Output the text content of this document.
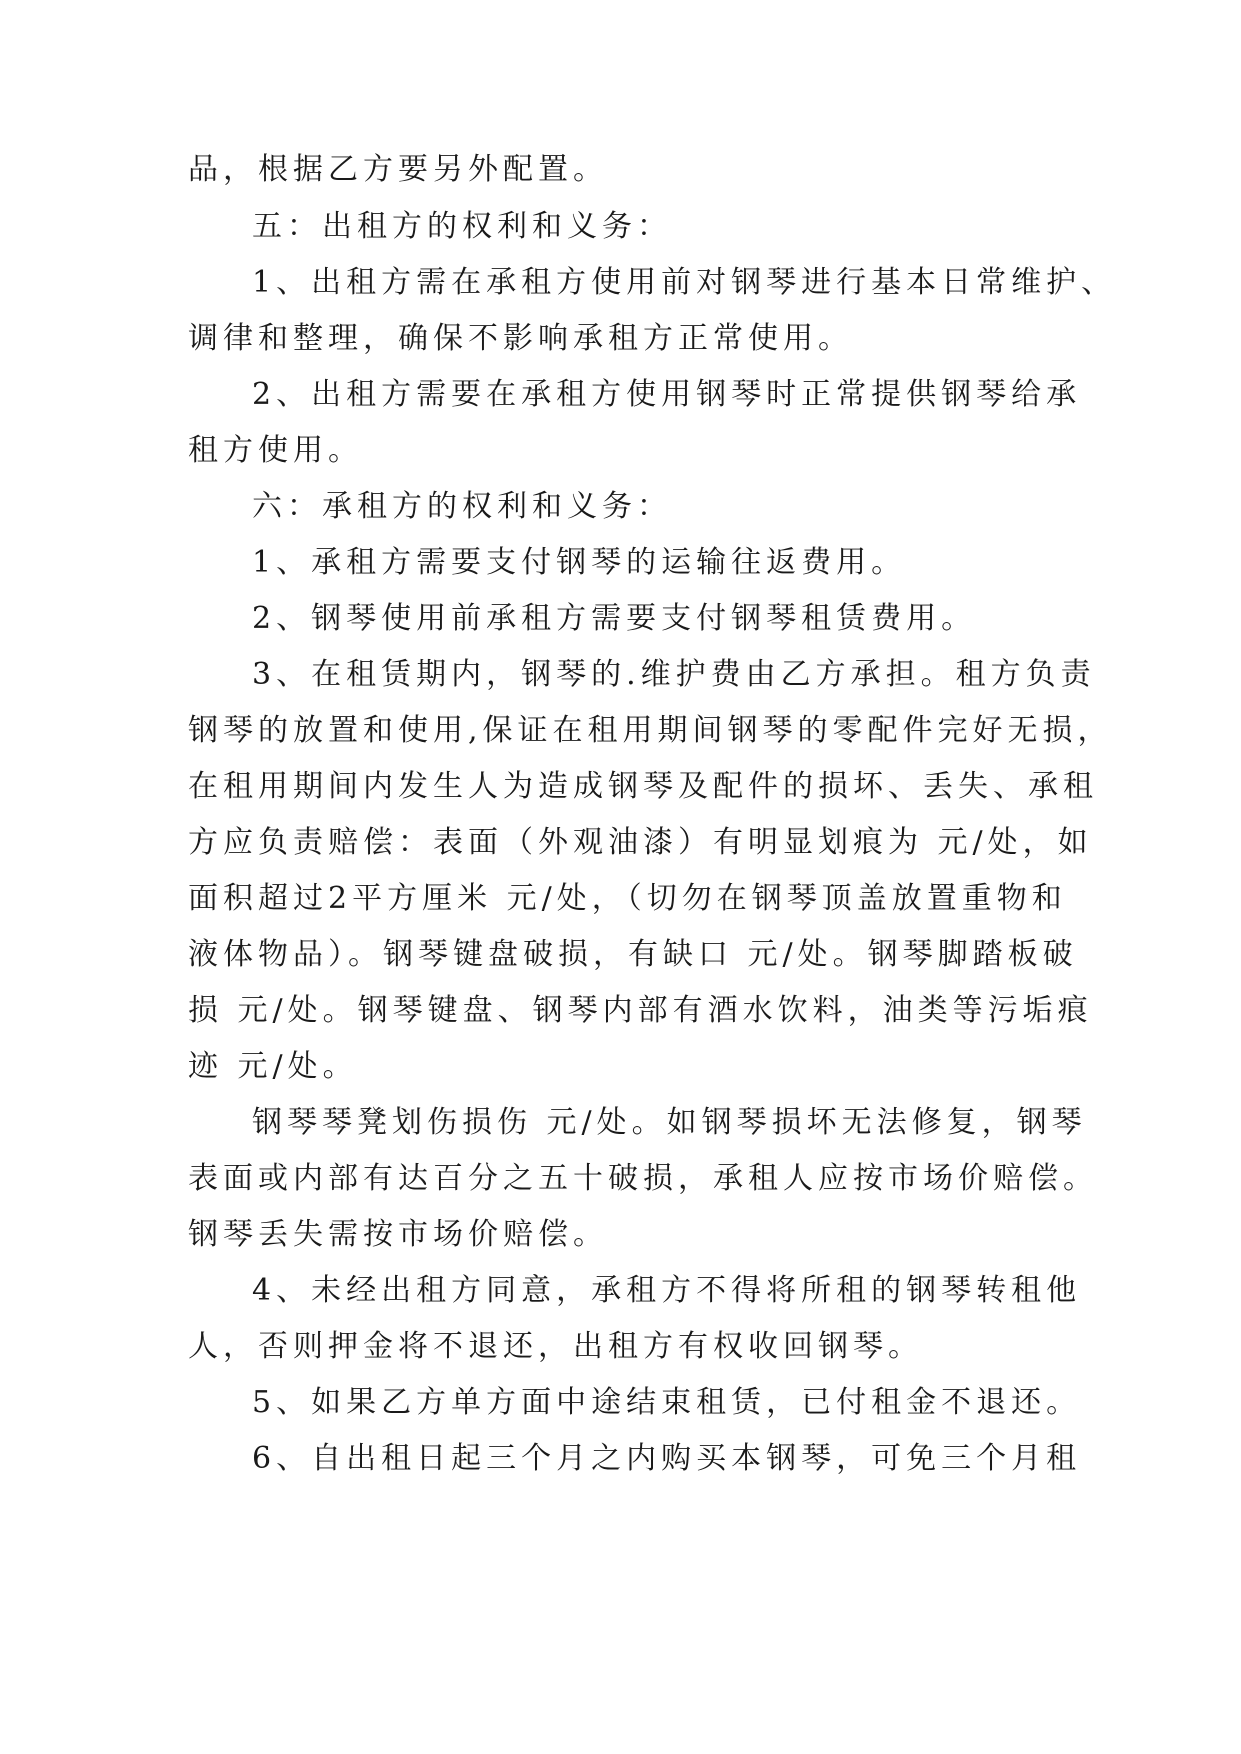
品，根据乙方要另外配置。

五：出租方的权利和义务：

1、出租方需在承租方使用前对钢琴进行基本日常维护、

调律和整理，确保不影响承租方正常使用。

2、出租方需要在承租方使用钢琴时正常提供钢琴给承

租方使用。

六：承租方的权利和义务：

1、承租方需要支付钢琴的运输往返费用。

2、钢琴使用前承租方需要支付钢琴租赁费用。

3、在租赁期内，钢琴的.维护费由乙方承担。租方负责

钢琴的放置和使用,保证在租用期间钢琴的零配件完好无损，

在租用期间内发生人为造成钢琴及配件的损坏、丢失、承租

方应负责赔偿：表面（外观油漆）有明显划痕为 元/处，如

面积超过2平方厘米 元/处，（切勿在钢琴顶盖放置重物和

液体物品）。钢琴键盘破损，有缺口 元/处。钢琴脚踏板破

损 元/处。钢琴键盘、钢琴内部有酒水饮料，油类等污垢痕

迹 元/处。

钢琴琴凳划伤损伤 元/处。如钢琴损坏无法修复，钢琴

表面或内部有达百分之五十破损，承租人应按市场价赔偿。

钢琴丢失需按市场价赔偿。

4、未经出租方同意，承租方不得将所租的钢琴转租他

人，否则押金将不退还，出租方有权收回钢琴。

5、如果乙方单方面中途结束租赁，已付租金不退还。

6、自出租日起三个月之内购买本钢琴，可免三个月租
